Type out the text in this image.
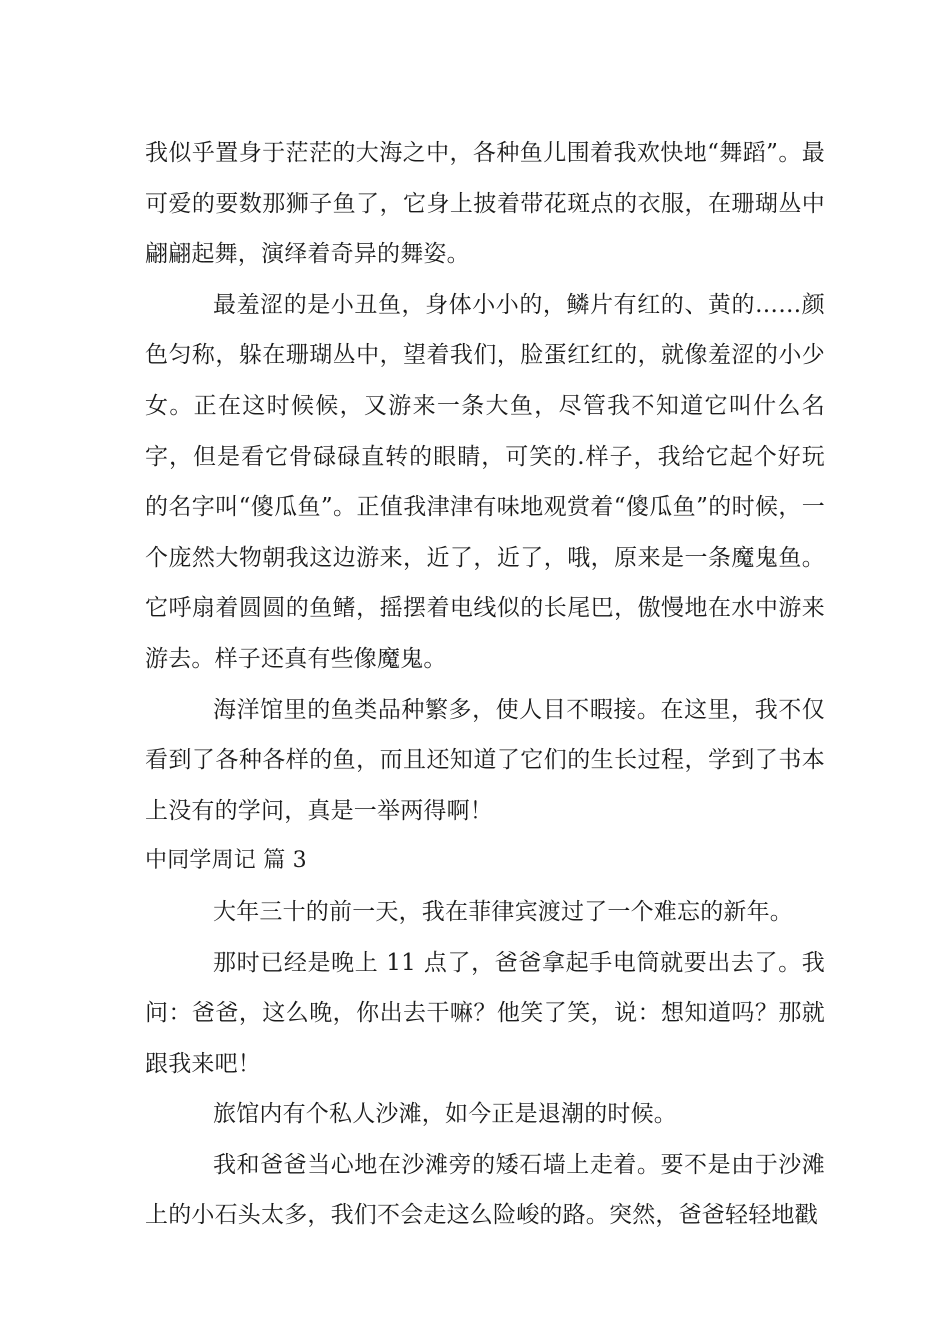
我似乎置身于茫茫的大海之中，各种鱼儿围着我欢快地“舞蹈”。最可爱的要数那狮子鱼了，它身上披着带花斑点的衣服，在珊瑚丛中翩翩起舞，演绎着奇异的舞姿。

最羞涩的是小丑鱼，身体小小的，鳞片有红的、黄的……颜色匀称，躲在珊瑚丛中，望着我们，脸蛋红红的，就像羞涩的小少女。正在这时候候，又游来一条大鱼，尽管我不知道它叫什么名字，但是看它骨碌碌直转的眼睛，可笑的.样子，我给它起个好玩的名字叫“傻瓜鱼”。正值我津津有味地观赏着“傻瓜鱼”的时候，一个庞然大物朝我这边游来，近了，近了，哦，原来是一条魔鬼鱼。它呼扇着圆圆的鱼鳍，摇摆着电线似的长尾巴，傲慢地在水中游来游去。样子还真有些像魔鬼。

海洋馆里的鱼类品种繁多，使人目不暇接。在这里，我不仅看到了各种各样的鱼，而且还知道了它们的生长过程，学到了书本上没有的学问，真是一举两得啊！

中同学周记 篇 3

大年三十的前一天，我在菲律宾渡过了一个难忘的新年。

那时已经是晚上 11 点了，爸爸拿起手电筒就要出去了。我问：爸爸，这么晚，你出去干嘛？他笑了笑，说：想知道吗？那就跟我来吧！

旅馆内有个私人沙滩，如今正是退潮的时候。

我和爸爸当心地在沙滩旁的矮石墙上走着。要不是由于沙滩上的小石头太多，我们不会走这么险峻的路。突然，爸爸轻轻地戳
